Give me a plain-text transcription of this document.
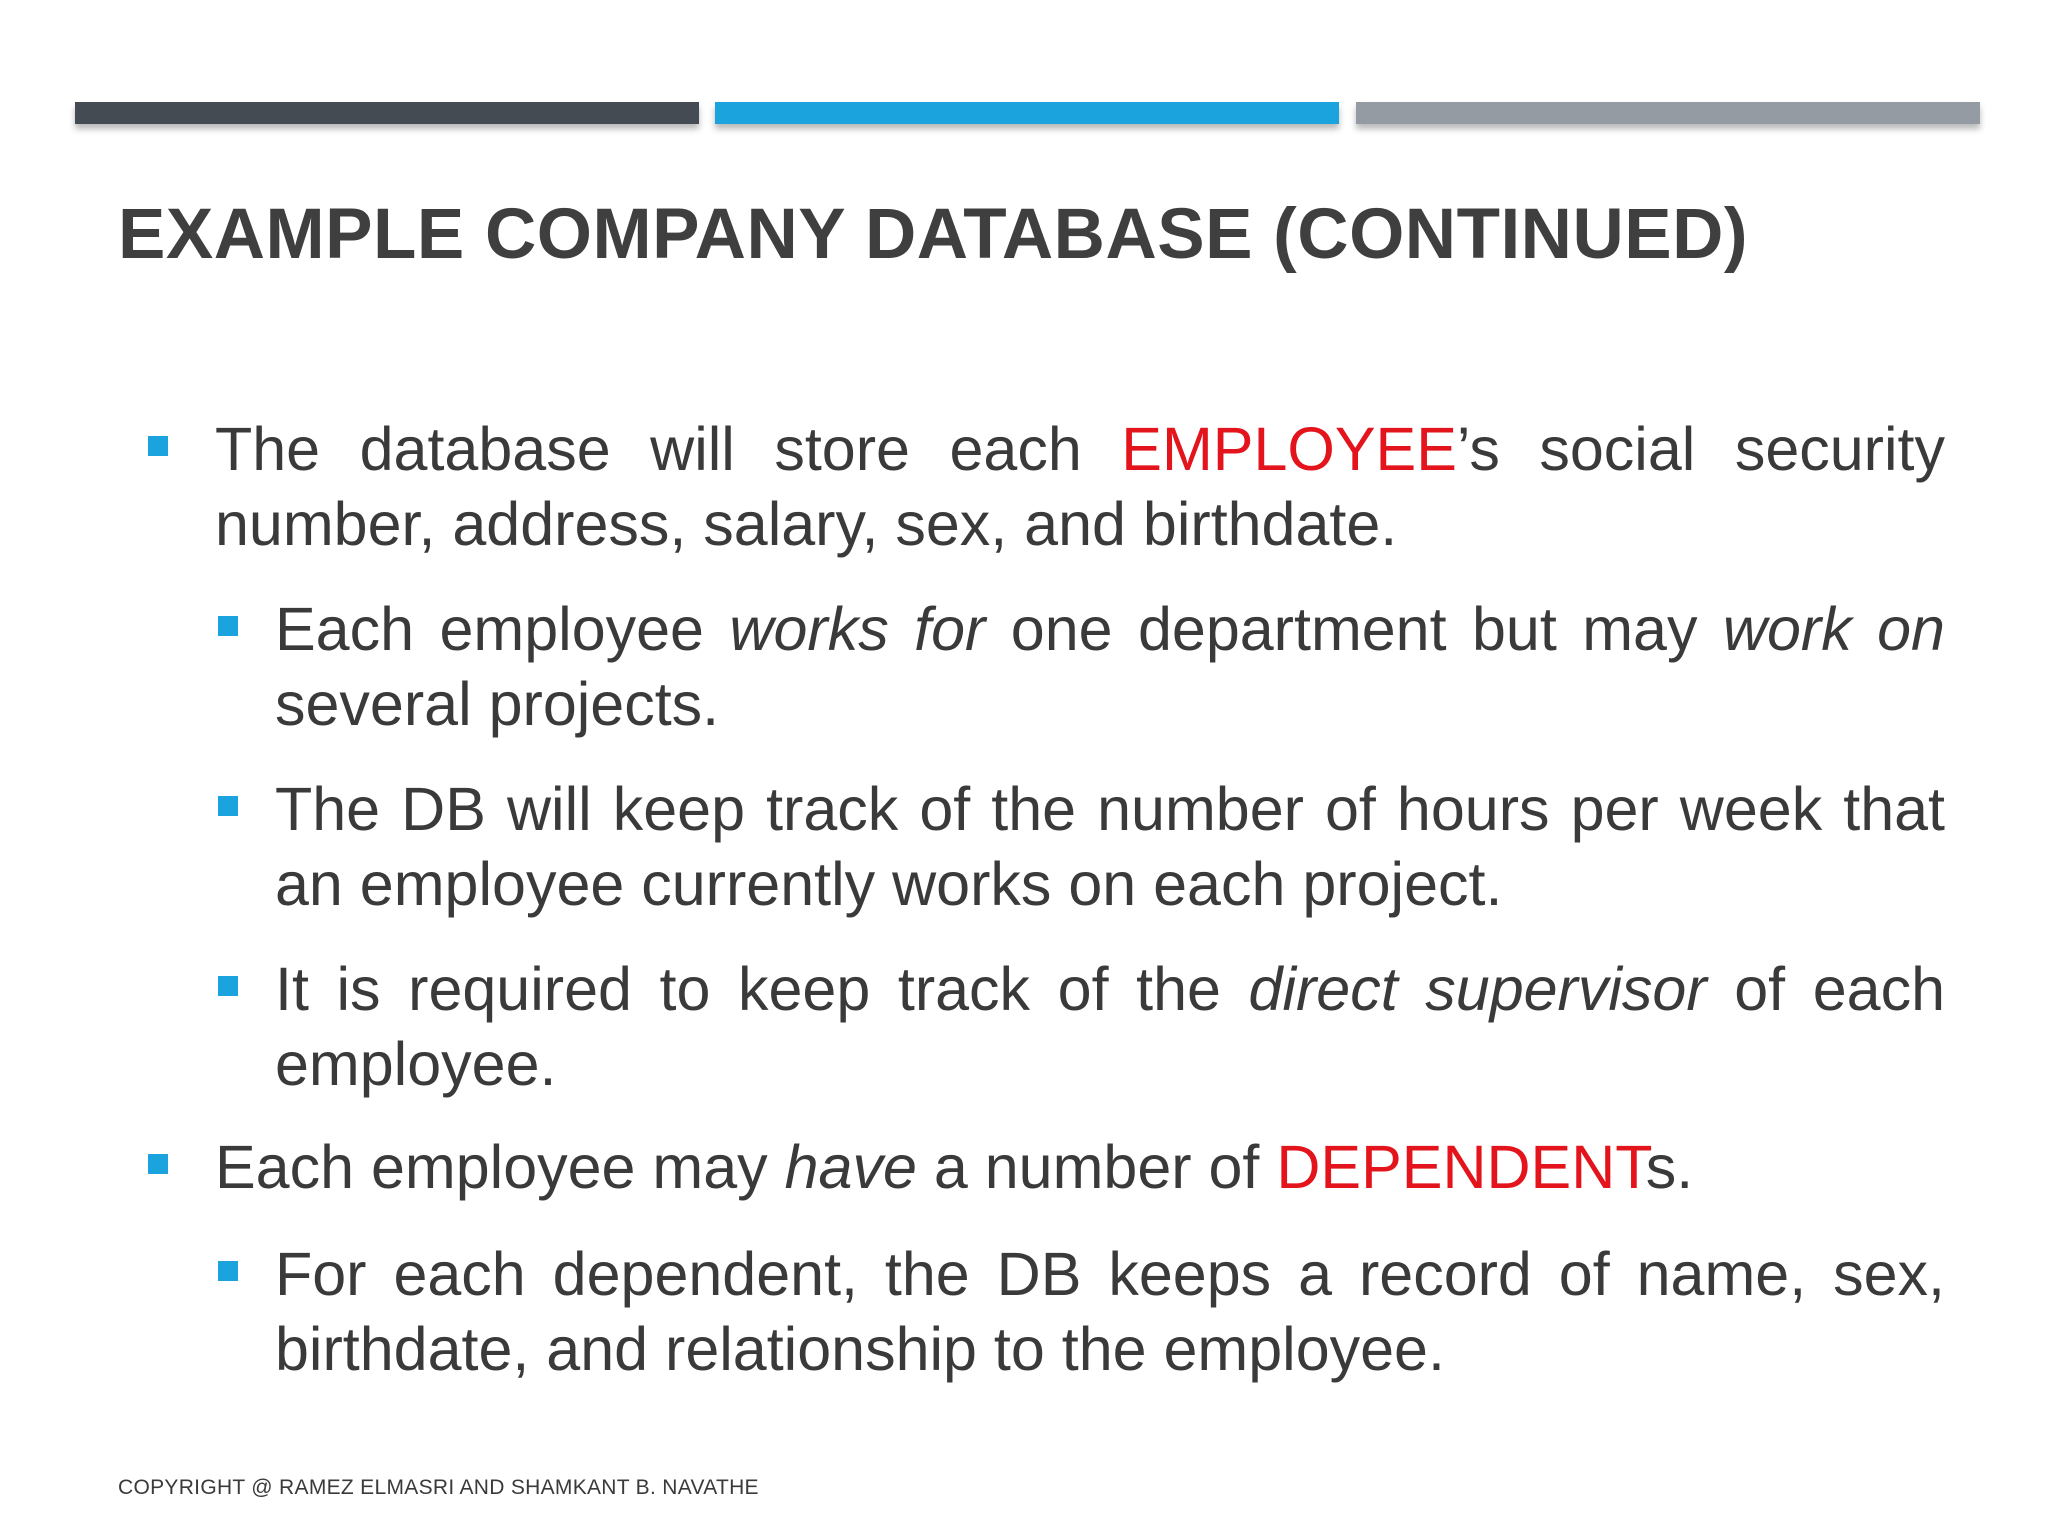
EXAMPLE COMPANY DATABASE (CONTINUED)
The database will store each EMPLOYEE’s social security number, address, salary, sex, and birthdate.
Each employee works for one department but may work on several projects.
The DB will keep track of the number of hours per week that an employee currently works on each project.
It is required to keep track of the direct supervisor of each employee.
Each employee may have a number of DEPENDENTs.
For each dependent, the DB keeps a record of name, sex, birthdate, and relationship to the employee.
COPYRIGHT @ RAMEZ ELMASRI AND SHAMKANT B. NAVATHE
